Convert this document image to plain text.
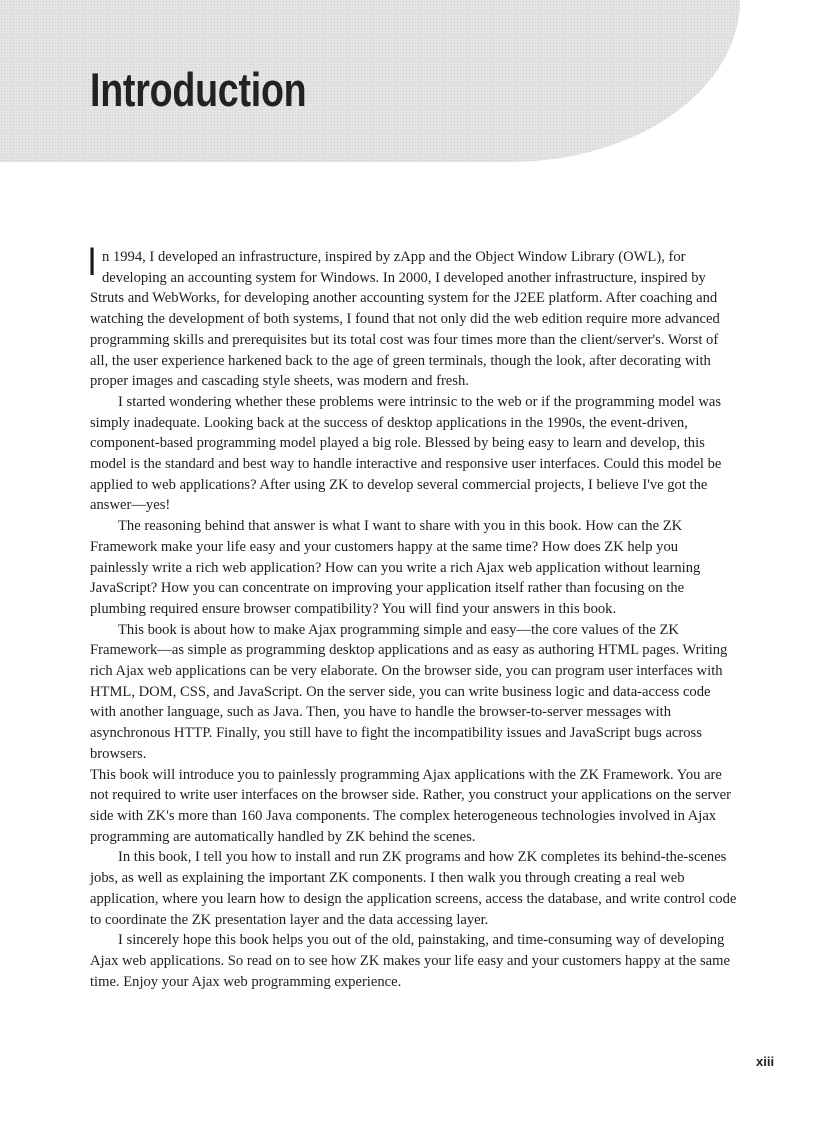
Introduction

In 1994, I developed an infrastructure, inspired by zApp and the Object Window Library (OWL), for developing an accounting system for Windows. In 2000, I developed another infrastructure, inspired by Struts and WebWorks, for developing another accounting system for the J2EE platform. After coaching and watching the development of both systems, I found that not only did the web edition require more advanced programming skills and prerequisites but its total cost was four times more than the client/server's. Worst of all, the user experience harkened back to the age of green terminals, though the look, after decorating with proper images and cascading style sheets, was modern and fresh.

I started wondering whether these problems were intrinsic to the web or if the programming model was simply inadequate. Looking back at the success of desktop applications in the 1990s, the event-driven, component-based programming model played a big role. Blessed by being easy to learn and develop, this model is the standard and best way to handle interactive and responsive user interfaces. Could this model be applied to web applications? After using ZK to develop several commercial projects, I believe I've got the answer—yes!

The reasoning behind that answer is what I want to share with you in this book. How can the ZK Framework make your life easy and your customers happy at the same time? How does ZK help you painlessly write a rich web application? How can you write a rich Ajax web application without learning JavaScript? How you can concentrate on improving your application itself rather than focusing on the plumbing required ensure browser compatibility? You will find your answers in this book.

This book is about how to make Ajax programming simple and easy—the core values of the ZK Framework—as simple as programming desktop applications and as easy as authoring HTML pages. Writing rich Ajax web applications can be very elaborate. On the browser side, you can program user interfaces with HTML, DOM, CSS, and JavaScript. On the server side, you can write business logic and data-access code with another language, such as Java. Then, you have to handle the browser-to-server messages with asynchronous HTTP. Finally, you still have to fight the incompatibility issues and JavaScript bugs across browsers.

This book will introduce you to painlessly programming Ajax applications with the ZK Framework. You are not required to write user interfaces on the browser side. Rather, you construct your applications on the server side with ZK's more than 160 Java components. The complex heterogeneous technologies involved in Ajax programming are automatically handled by ZK behind the scenes.

In this book, I tell you how to install and run ZK programs and how ZK completes its behind-the-scenes jobs, as well as explaining the important ZK components. I then walk you through creating a real web application, where you learn how to design the application screens, access the database, and write control code to coordinate the ZK presentation layer and the data accessing layer.

I sincerely hope this book helps you out of the old, painstaking, and time-consuming way of developing Ajax web applications. So read on to see how ZK makes your life easy and your customers happy at the same time. Enjoy your Ajax web programming experience.

xiii
